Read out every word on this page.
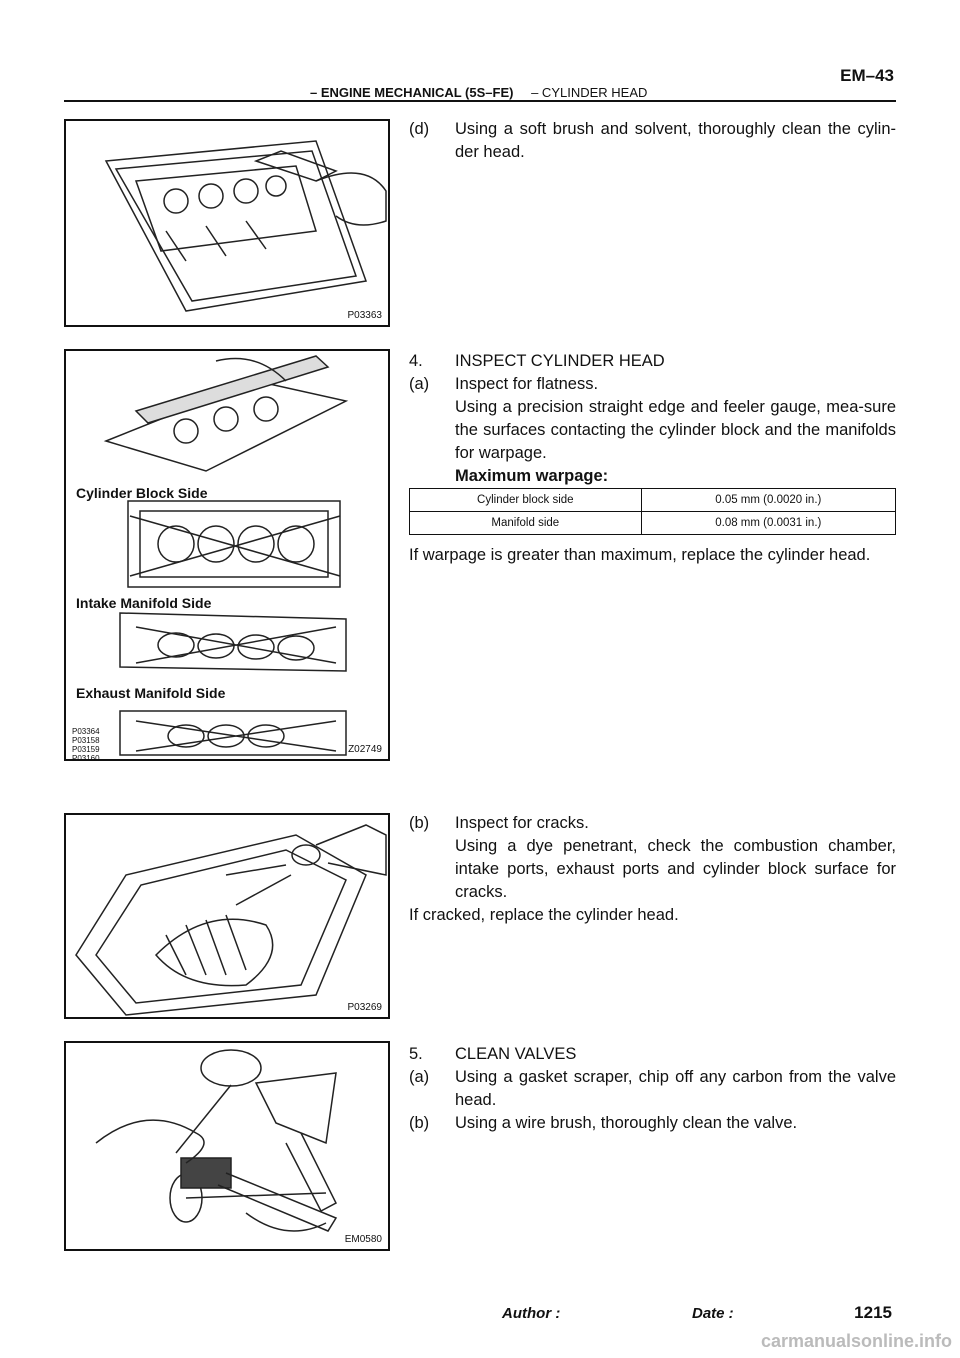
EM–43
– ENGINE MECHANICAL (5S–FE) – CYLINDER HEAD
P03363
Cylinder Block Side
Intake Manifold Side
Exhaust Manifold Side
P03364
P03158
P03159
P03160
Z02749
P03269
EM0580
(d) Using a soft brush and solvent, thoroughly clean the cylin-der head.
4. INSPECT CYLINDER HEAD
(a) Inspect for flatness.
Using a precision straight edge and feeler gauge, mea-sure the surfaces contacting the cylinder block and the manifolds for warpage.
Maximum warpage:
Cylinder block side	0.05 mm (0.0020 in.)
Manifold side	0.08 mm (0.0031 in.)
If warpage is greater than maximum, replace the cylinder head.
(b) Inspect for cracks.
Using a dye penetrant, check the combustion chamber, intake ports, exhaust ports and cylinder block surface for cracks.
If cracked, replace the cylinder head.
5. CLEAN VALVES
(a) Using a gasket scraper, chip off any carbon from the valve head.
(b) Using a wire brush, thoroughly clean the valve.
Author :	Date :	1215
carmanualsonline.info
